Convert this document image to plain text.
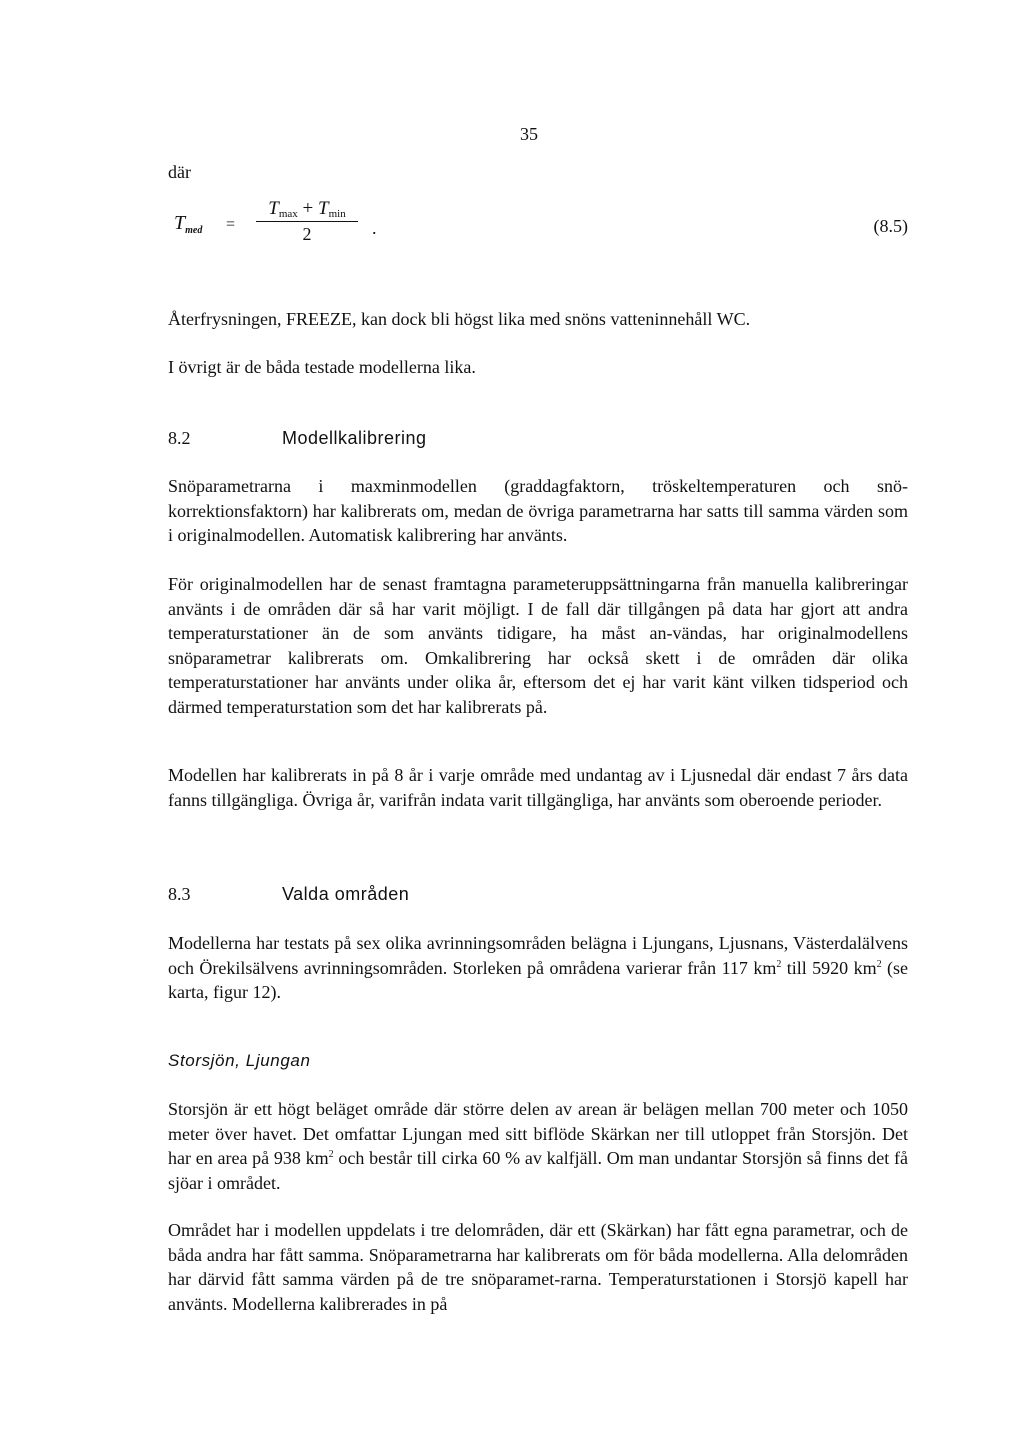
35
där
$T_{med}$ =
$T_{max} + T_{min}$
2	.	(8.5)
Återfrysningen, FREEZE, kan dock bli högst lika med snöns vatteninnehåll WC.
I övrigt är de båda testade modellerna lika.
8.2	Modellkalibrering
Snöparametrarna i maxminmodellen (graddagfaktorn, tröskeltemperaturen och snö-korrektionsfaktorn) har kalibrerats om, medan de övriga parametrarna har satts till samma värden som i originalmodellen. Automatisk kalibrering har använts.
För originalmodellen har de senast framtagna parameteruppsättningarna från manuella kalibreringar använts i de områden där så har varit möjligt. I de fall där tillgången på data har gjort att andra temperaturstationer än de som använts tidigare, ha måst an-vändas, har originalmodellens snöparametrar kalibrerats om. Omkalibrering har också skett i de områden där olika temperaturstationer har använts under olika år, eftersom det ej har varit känt vilken tidsperiod och därmed temperaturstation som det har kalibrerats på.
Modellen har kalibrerats in på 8 år i varje område med undantag av i Ljusnedal där endast 7 års data fanns tillgängliga. Övriga år, varifrån indata varit tillgängliga, har använts som oberoende perioder.
8.3	Valda områden
Modellerna har testats på sex olika avrinningsområden belägna i Ljungans, Ljusnans, Västerdalälvens och Örekilsälvens avrinningsområden. Storleken på områdena varierar från 117 $km^2$ till 5920 $km^2$ (se karta, figur 12).
Storsjön, Ljungan
Storsjön är ett högt beläget område där större delen av arean är belägen mellan 700 meter och 1050 meter över havet. Det omfattar Ljungan med sitt biflöde Skärkan ner till utloppet från Storsjön. Det har en area på 938 $km^2$ och består till cirka 60 % av kalfjäll. Om man undantar Storsjön så finns det få sjöar i området.
Området har i modellen uppdelats i tre delområden, där ett (Skärkan) har fått egna parametrar, och de båda andra har fått samma. Snöparametrarna har kalibrerats om för båda modellerna. Alla delområden har därvid fått samma värden på de tre snöparamet-rarna. Temperaturstationen i Storsjö kapell har använts. Modellerna kalibrerades in på
